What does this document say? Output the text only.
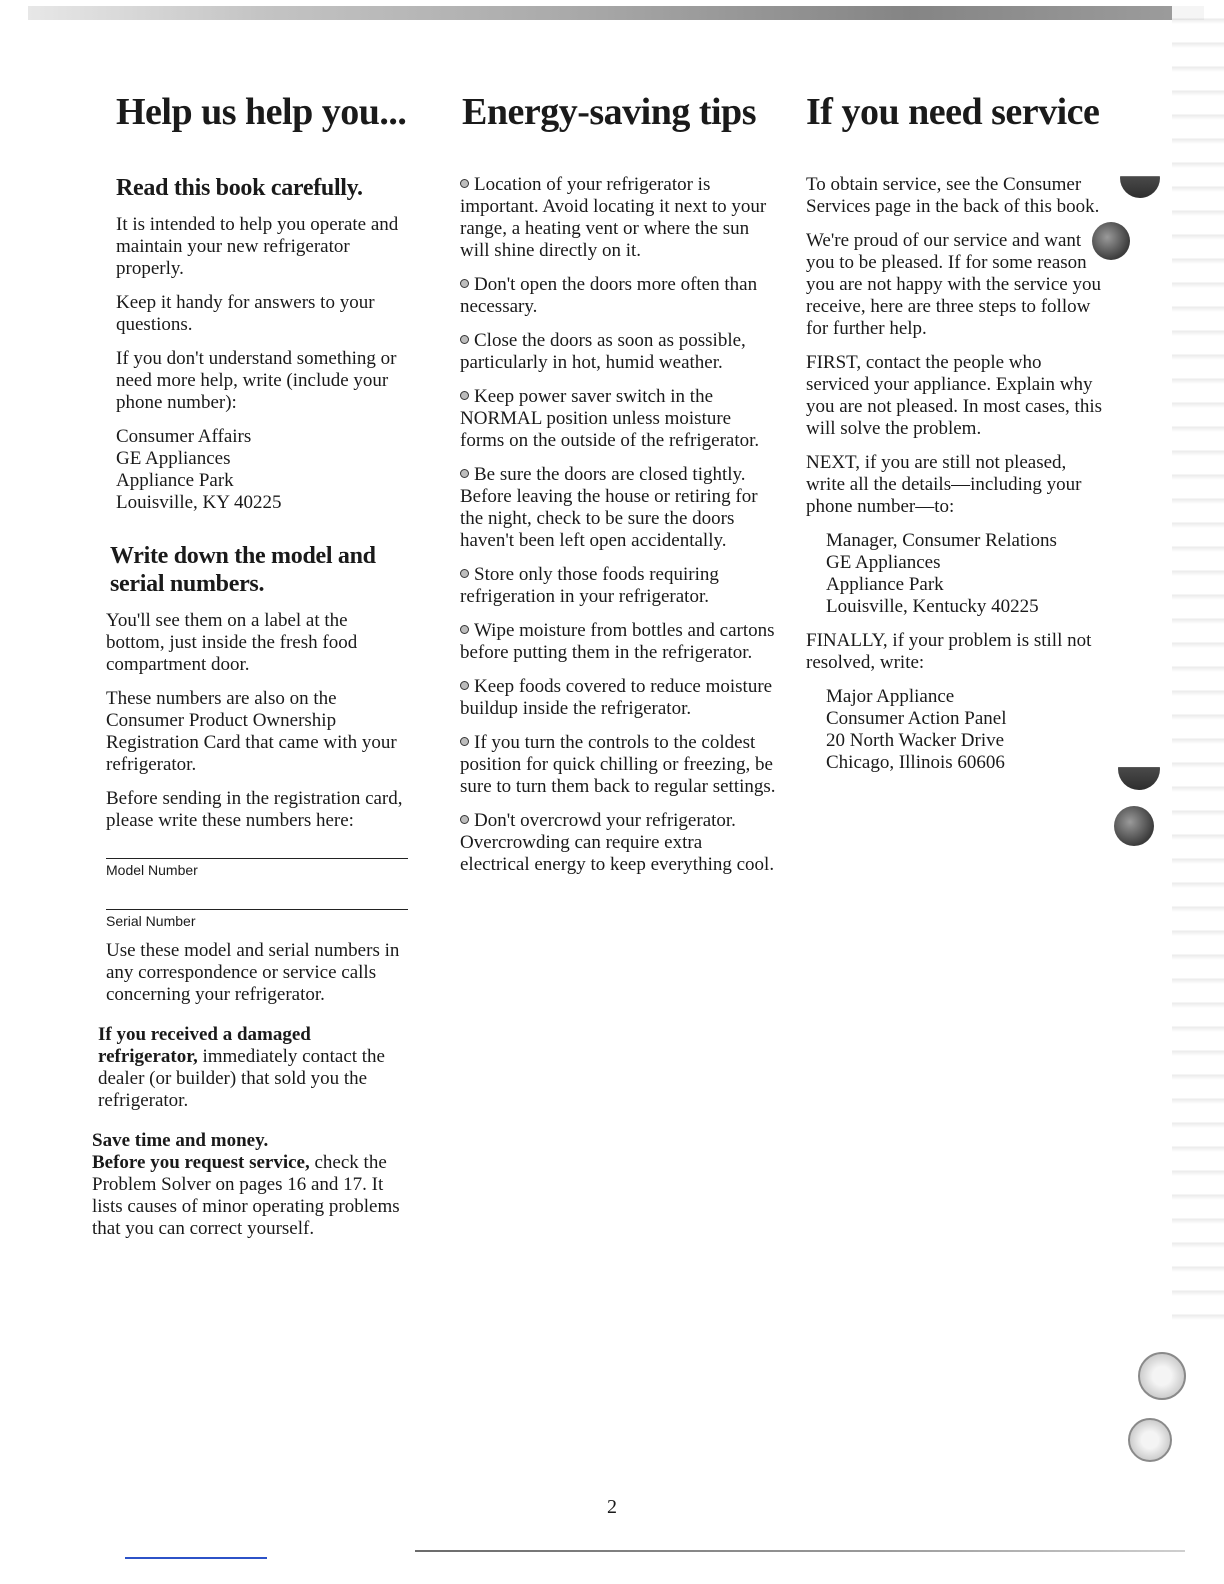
Help us help you...
Read this book carefully.

It is intended to help you operate and maintain your new refrigerator properly.

Keep it handy for answers to your questions.

If you don't understand something or need more help, write (include your phone number):

Consumer Affairs
GE Appliances
Appliance Park
Louisville, KY 40225
Write down the model and serial numbers.

You'll see them on a label at the bottom, just inside the fresh food compartment door.

These numbers are also on the Consumer Product Ownership Registration Card that came with your refrigerator.

Before sending in the registration card, please write these numbers here:

Model Number
Serial Number

Use these model and serial numbers in any correspondence or service calls concerning your refrigerator.

If you received a damaged refrigerator, immediately contact the dealer (or builder) that sold you the refrigerator.

Save time and money.
Before you request service, check the Problem Solver on pages 16 and 17. It lists causes of minor operating problems that you can correct yourself.

Energy-saving tips
Location of your refrigerator is important. Avoid locating it next to your range, a heating vent or where the sun will shine directly on it.
Don't open the doors more often than necessary.
Close the doors as soon as possible, particularly in hot, humid weather.
Keep power saver switch in the NORMAL position unless moisture forms on the outside of the refrigerator.
Be sure the doors are closed tightly. Before leaving the house or retiring for the night, check to be sure the doors haven't been left open accidentally.
Store only those foods requiring refrigeration in your refrigerator.
Wipe moisture from bottles and cartons before putting them in the refrigerator.
Keep foods covered to reduce moisture buildup inside the refrigerator.
If you turn the controls to the coldest position for quick chilling or freezing, be sure to turn them back to regular settings.
Don't overcrowd your refrigerator. Overcrowding can require extra electrical energy to keep everything cool.
If you need service

To obtain service, see the Consumer Services page in the back of this book.

We're proud of our service and want you to be pleased. If for some reason you are not happy with the service you receive, here are three steps to follow for further help.

FIRST, contact the people who serviced your appliance. Explain why you are not pleased. In most cases, this will solve the problem.

NEXT, if you are still not pleased, write all the details—including your phone number—to:

Manager, Consumer Relations
GE Appliances
Appliance Park
Louisville, Kentucky 40225

FINALLY, if your problem is still not resolved, write:

Major Appliance
Consumer Action Panel
20 North Wacker Drive
Chicago, Illinois 60606
2
